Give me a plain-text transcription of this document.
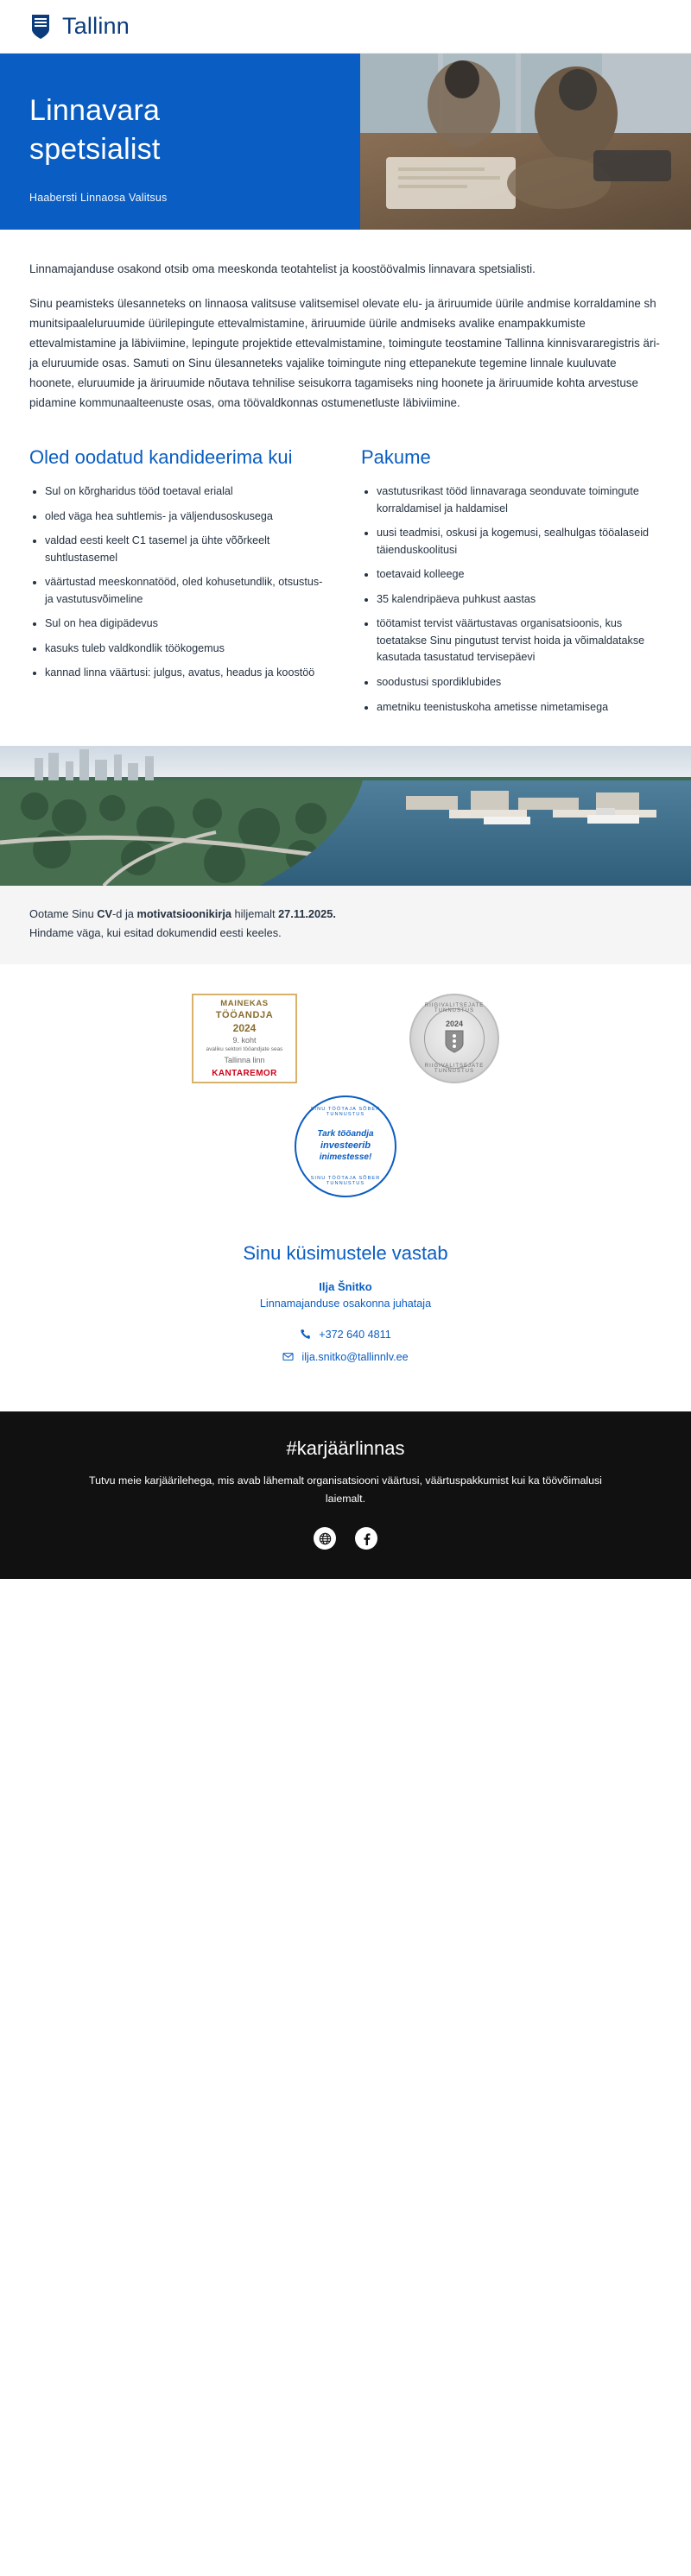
Tallinn
Linnavara
spetsialist
Haabersti Linnaosa Valitsus

Linnamajanduse osakond otsib oma meeskonda teotahtelist ja koostöövalmis linnavara spetsialisti.

Sinu peamisteks ülesanneteks on linnaosa valitsuse valitsemisel olevate elu- ja äriruumide üürile andmise korraldamine sh munitsipaaleluruumide üürilepingute ettevalmistamine, äriruumide üürile andmiseks avalike enampakkumiste ettevalmistamine ja läbiviimine, lepingute projektide ettevalmistamine, toimingute teostamine Tallinna kinnisvararegistris äri- ja eluruumide osas. Samuti on Sinu ülesanneteks vajalike toimingute ning ettepanekute tegemine linnale kuuluvate hoonete, eluruumide ja äriruumide nõutava tehnilise seisukorra tagamiseks ning hoonete ja äriruumide kohta arvestuse pidamine kommunaalteenuste osas, oma töövaldkonnas ostumenetluste läbiviimine.

Oled oodatud kandideerima kui
• Sul on kõrgharidus tööd toetaval erialal
• oled väga hea suhtlemis- ja väljendusoskusega
• valdad eesti keelt C1 tasemel ja ühte võõrkeelt suhtlustasemel
• väärtustad meeskonnatööd, oled kohusetundlik, otsustus-ja vastutusvõimeline
• Sul on hea digipädevus
• kasuks tuleb valdkondlik töökogemus
• kannad linna väärtusi: julgus, avatus, headus ja koostöö
Pakume
• vastutusrikast tööd linnavaraga seonduvate toimingute korraldamisel ja haldamisel
• uusi teadmisi, oskusi ja kogemusi, sealhulgas tööalaseid täienduskoolitusi
• toetavaid kolleege
• 35 kalendripäeva puhkust aastas
• töötamist tervist väärtustavas organisatsioonis, kus toetatakse Sinu pingutust tervist hoida ja võimaldatakse kasutada tasustatud tervisepäevi
• soodustusi spordiklubides
• ametniku teenistuskoha ametisse nimetamisega
Ootame Sinu CV-d ja motivatsioonikirja hiljemalt 27.11.2025.
Hindame väga, kui esitad dokumendid eesti keeles.
MAINEKAS
TÖÖANDJA
2024
9. koht
avaliku sektori tööandjate seas
Tallinna linn
KANTAREMOR
RIIGIVALITSEJATE TUNNUSTUS
2024
RIIGIVALITSEJATE TUNNUSTUS
SINU TÖÖTAJA SÕBER TUNNUSTUS
Tark tööandja
investeerib
inimestesse!
SINU TÖÖTAJA SÕBER TUNNUSTUS
Sinu küsimustele vastab
Ilja Šnitko
Linnamajanduse osakonna juhataja
+372 640 4811
ilja.snitko@tallinnlv.ee
#karjäärlinnas
Tutvu meie karjäärilehega, mis avab lähemalt organisatsiooni väärtusi, väärtuspakkumist kui ka töövõimalusi laiemalt.
